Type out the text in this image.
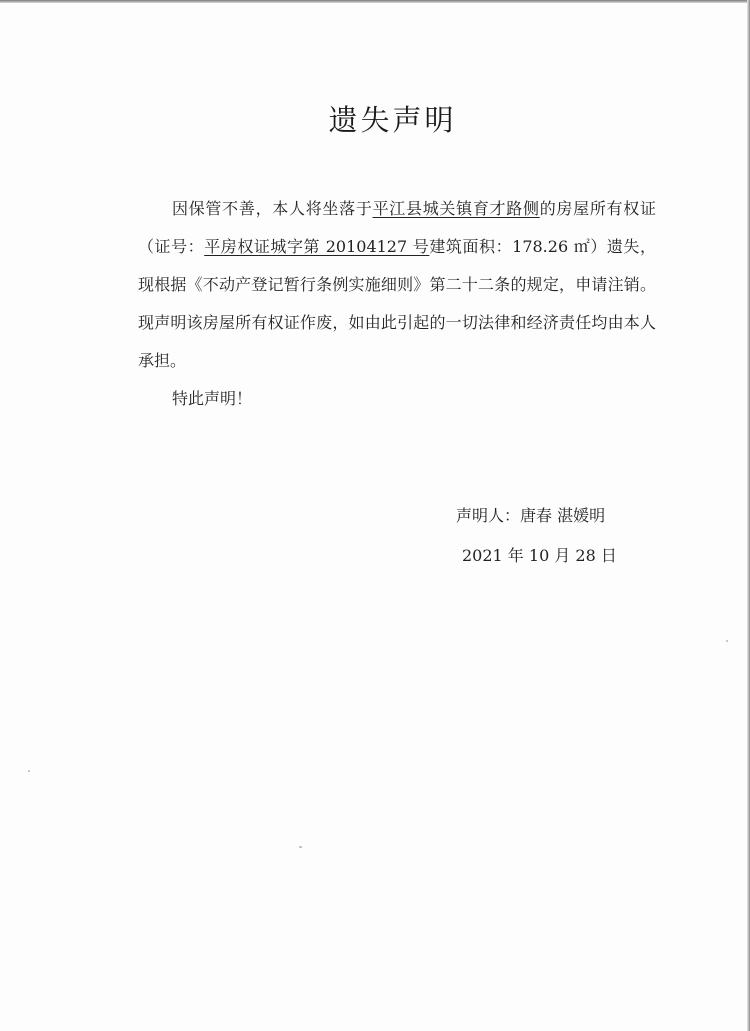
遗失声明

因保管不善，本人将坐落于平江县城关镇育才路侧的房屋所有权证（证号：平房权证城字第 20104127 号建筑面积：178.26 ㎡）遗失，现根据《不动产登记暂行条例实施细则》第二十二条的规定，申请注销。现声明该房屋所有权证作废，如由此引起的一切法律和经济责任均由本人承担。

特此声明！

声明人：唐春 湛媛明
2021 年 10 月 28 日
